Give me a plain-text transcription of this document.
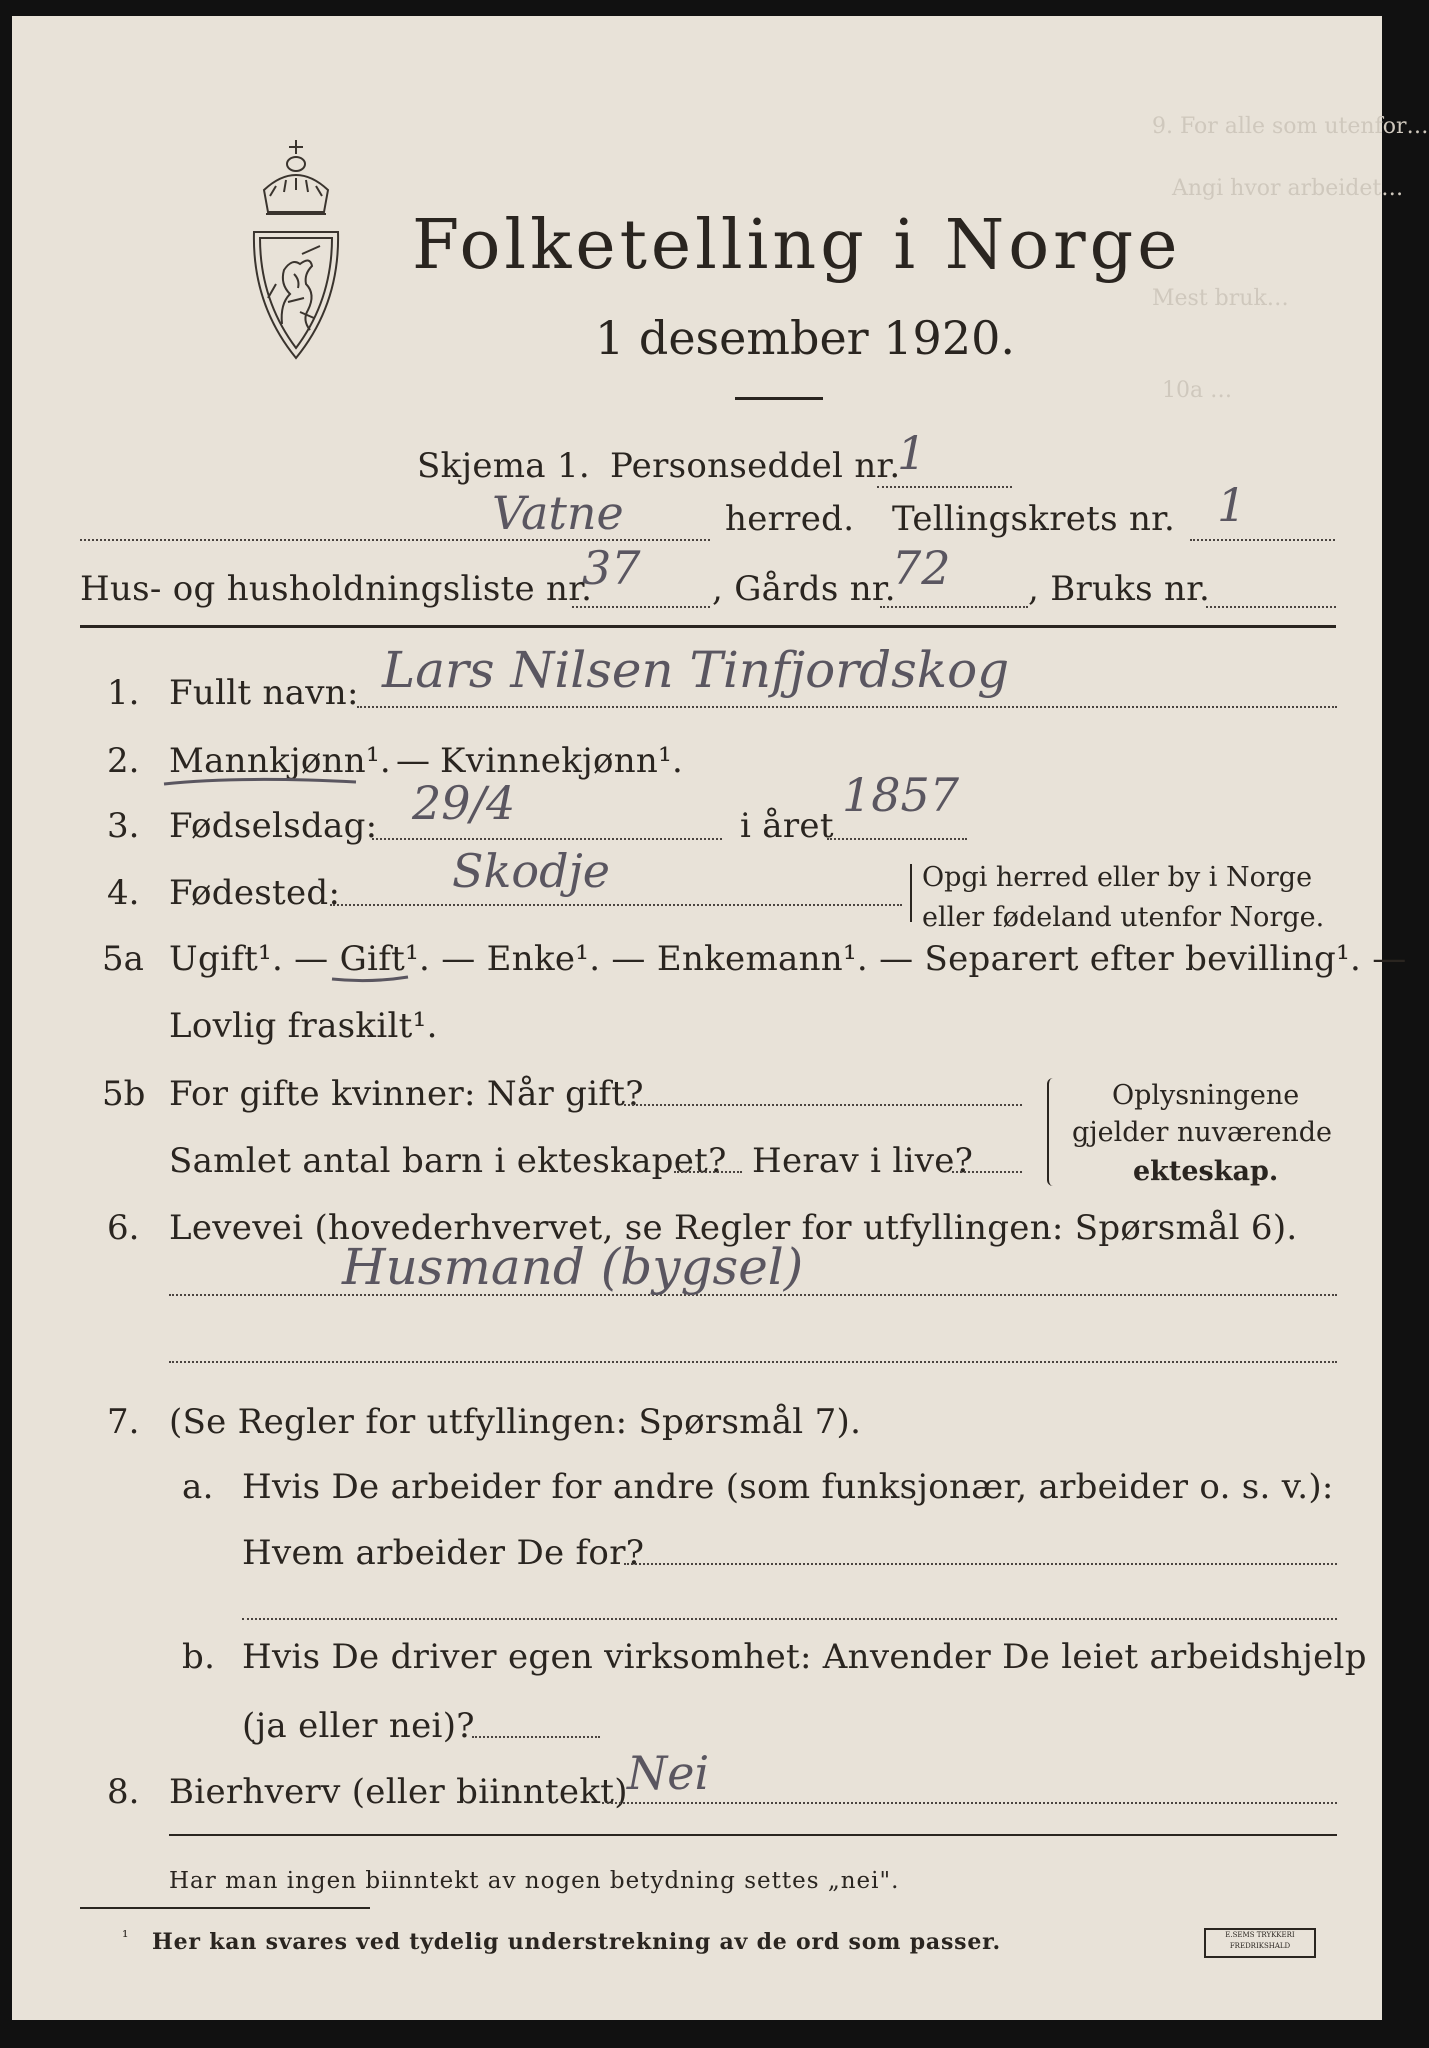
9. For alle som utenfor…
Angi hvor arbeidet…
Mest bruk…
10a …
Folketelling i Norge
1 desember 1920.
Skjema 1. Personseddel nr.
1
Vatne	herred. Tellingskrets nr. 1
Hus- og husholdningsliste nr.
37 , Gårds nr.
72 , Bruks nr.
1. Fullt navn: Lars Nilsen Tinfjordskog
2. Mannkjønn¹. — Kvinnekjønn¹.
3. Fødselsdag: 29/4	i året
1857
4. Fødested: Skodje	Opgi herred eller by i Norge
eller fødeland utenfor Norge.
5a Ugift¹. — Gift¹. — Enke¹. — Enkemann¹. — Separert efter bevilling¹. —
Lovlig fraskilt¹.
5b For gifte kvinner: Når gift?
Samlet antal barn i ekteskapet? Herav i live?
Oplysningene
gjelder nuværende
ekteskap.
6. Levevei (hovederhvervet, se Regler for utfyllingen: Spørsmål 6).
Husmand (bygsel)
7. (Se Regler for utfyllingen: Spørsmål 7).
a. Hvis De arbeider for andre (som funksjonær, arbeider o. s. v.):
Hvem arbeider De for?
b. Hvis De driver egen virksomhet: Anvender De leiet arbeidshjelp
(ja eller nei)?
8. Bierhverv (eller biinntekt) Nei
Har man ingen biinntekt av nogen betydning settes „nei".
¹ Her kan svares ved tydelig understrekning av de ord som passer.	E.SEMS TRYKKERI FREDRIKSHALD
